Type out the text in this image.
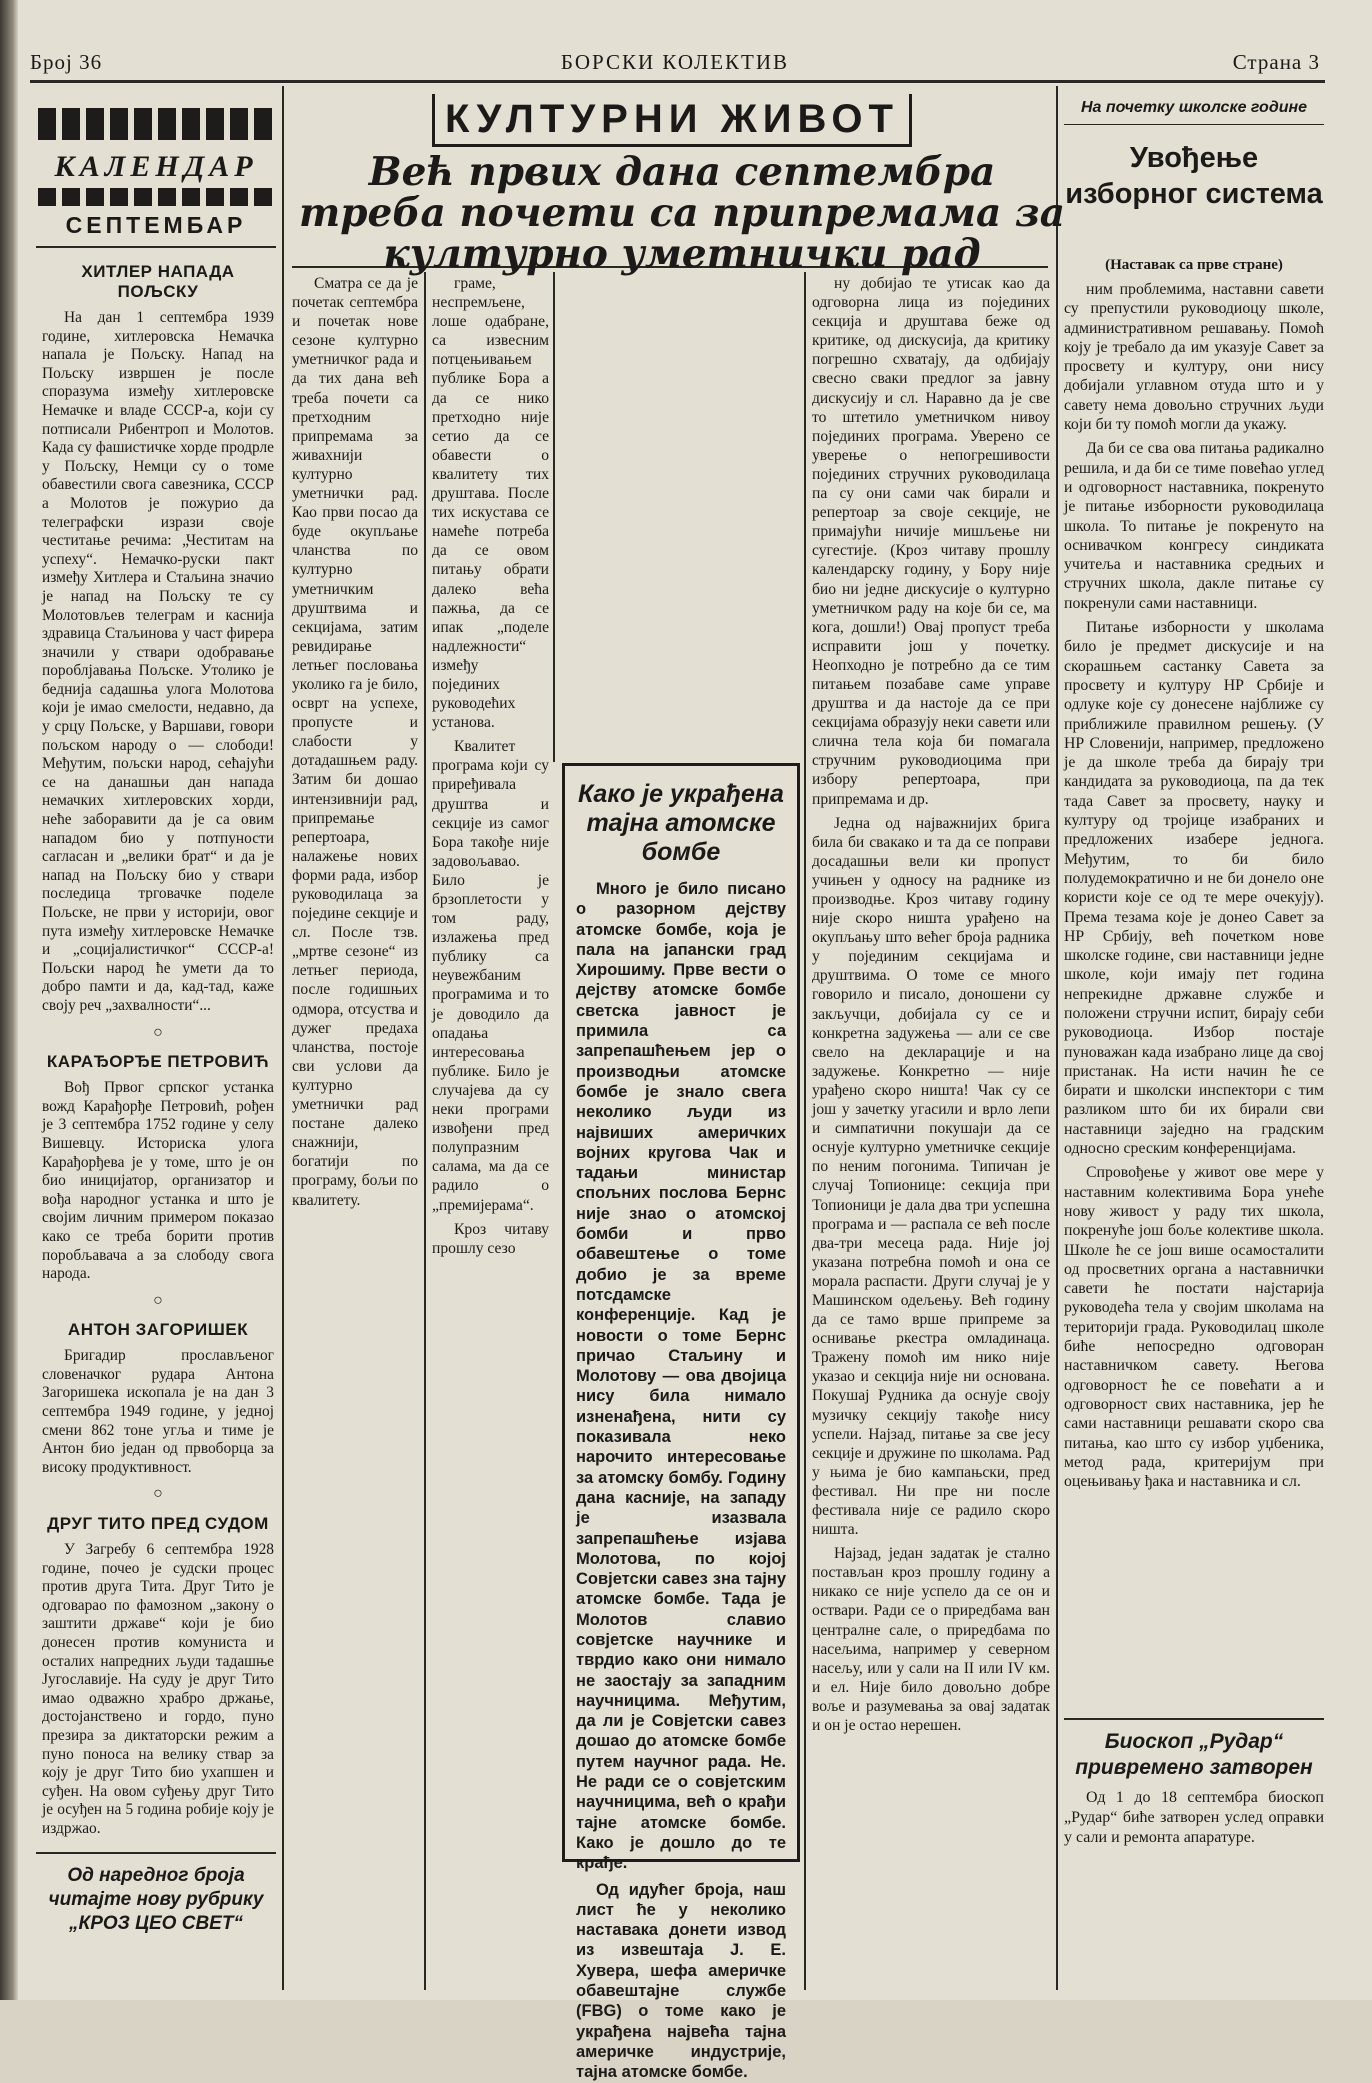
Број 36	БОРСКИ КОЛЕКТИВ	Страна 3
КАЛЕНДАР
СЕПТЕМБАР
ХИТЛЕР НАПАДА ПОЉСКУ

На дан 1 септембра 1939 године, хитлеровска Немачка напала је Пољску. Напад на Пољску извршен је после споразума између хитлеровске Немачке и владе СССР-а, који су потписали Рибентроп и Молотов. Када су фашистичке хорде продрле у Пољску, Немци су о томе обавестили свога савезника, СССР а Молотов је пожурио да телеграфски изрази своје честитање речима: „Честитам на успеху“. Немачко-руски пакт између Хитлера и Стаљина значио је напад на Пољску те су Молотовљев телеграм и каснија здравица Стаљинова у част фирера значили у ствари одобравање пороблјавања Пољске. Утолико је бедниja садашња улога Молотова који је имао смелости, недавно, да у срцу Пољске, у Варшави, говори пољском народу о — слободи! Међутим, пољски народ, сећајући се на данашњи дан напада немачких хитлеровских хорди, неће заборавити да је са овим нападом био у потпуности сагласан и „велики брат“ и да је напад на Пољску био у ствари последица трговачке поделе Пољске, не први у историји, овог пута између хитлеровске Немачке и „социјалистичког“ СССР-а! Пољски народ ће умети да то добро памти и да, кад-тад, каже своју реч „захвалности“...

○
КАРАЂОРЂЕ ПЕТРОВИЋ

Вођ Првог српског устанка вожд Карађорђе Петровић, рођен је 3 септембра 1752 године у селу Вишевцу. Историска улога Карађорђева је у томе, што је он био иницијатор, организатор и вођа народног устанка и што је својим личним примером показао како се треба борити против поробљавача а за слободу свога народа.

○
АНТОН ЗАГОРИШЕК

Бригадир прослављеног словеначког рудара Антона Загоришека ископала је на дан 3 септембра 1949 године, у једној смени 862 тоне угља и тиме је Антон био један од првоборца за високу продуктивност.

○
ДРУГ ТИТО ПРЕД СУДОМ

У Загребу 6 септембра 1928 године, почео је судски процес против друга Тита. Друг Тито је одговарао по фамозном „закону о заштити државе“ који је био донесен против комуниста и осталих напредних људи тадашње Југославије. На суду је друг Тито имао одважно храбро држање, достојанствено и гордо, пуно презира за диктаторски режим а пуно поноса на велику ствар за коју је друг Тито био ухапшен и суђен. На овом суђењу друг Тито је осуђен на 5 година робије коју је издржао.

Од наредног броја читајте нову рубрику „КРОЗ ЦЕО СВЕТ“
КУЛТУРНИ ЖИВОТ
Већ првих дана септембра треба почети са припремама за културно уметнички рад

Сматра се да је почетак септембра и почетак нове сезоне културно уметничког рада и да тих дана већ треба почети са претходним припремама за живахнији културно уметнички рад. Као први посао да буде окупљање чланства по културно уметничким друштвима и секцијама, затим ревидирање летњег пословања уколико га је било, осврт на успехе, пропусте и слабости у дотадашњем раду. Затим би дошао интензивнији рад, припремање репертоара, налажење нових форми рада, избор руководилаца за поједине секције и сл. После тзв. „мртве сезоне“ из летњег периода, после годишњих одмора, отсуства и дужег предаха чланства, постоје сви услови да културно уметнички рад постане далеко снажнији, богатији по програму, бољи по квалитету.

граме, неспремљене, лоше одабране, са извесним потцењивањем публике Бора а да се нико претходно није сетио да се обавести о квалитету тих друштава. После тих искустава се намеће потреба да се овом питању обрати далеко већа пажња, да се ипак „поделе надлежности“ између појединих руководећих установа.

Квалитет програма који су приређивала друштва и секције из самог Бора такође није задовољавао. Било је брзоплетости у том раду, излажења пред публику са неувежбаним програмима и то је доводило да опадања интересовања публике. Било је случајева да су неки програми извођени пред полупразним салама, ма да се радило о „премијерама“.

Кроз читаву прошлу сезо

ну добијао те утисак као да одговорна лица из појединих секција и друштава беже од критике, од дискусија, да критику погрешно схватају, да одбијају свесно сваки предлог за јавну дискусију и сл. Наравно да је све то штетило уметничком нивоу појединих програма. Уверено се уверење о непогрешивости појединих стручних руководилаца па су они сами чак бирали и репертоар за своје секције, не примајући ничије мишљење ни сугестије. (Кроз читаву прошлу календарску годину, у Бору није био ни једне дискусије о културно уметничком раду на које би се, ма кога, дошли!) Овај пропуст треба исправити још у почетку. Неопходно је потребно да се тим питањем позабаве саме управе друштва и да настоје да се при секцијама образују неки савети или слична тела која би помагала стручним руководиоцима при избору репертоара, при припремама и др.

Једна од најважнијих брига била би свакако и та да се поправи досадашњи вели ки пропуст учињен у односу на раднике из производње. Кроз читаву годину није скоро ништа урађено на окупљању што већег броја радника у појединим секцијама и друштвима. О томе се много говорило и писало, доношени су закључци, добијала су се и конкретна задужења — али се све свело на декларације и на задужење. Конкретно — није урађено скоро ништа! Чак су се још у зачетку угасили и врло лепи и симпатични покушаји да се оснује културно уметничке секције по неним погонима. Типичан је случај Топионице: секција при Топионици је дала два три успешна програма и — распала се већ после два-три месеца рада. Није јој указана потребна помоћ и она се морала распасти. Други случај је у Машинском одељењу. Већ годину да се тамо врше припреме за оснивање ркестра омладинаца. Тражену помоћ им нико није указао и секција није ни основана. Покушај Рудника да оснује своју музичку секцију такође нису успели. Најзад, питање за све јесу секције и дружине по школама. Рад у њима је био кампањски, пред фестивал. Ни пре ни после фестивала није се радило скоро ништа.

Најзад, један задатак је стално постављан кроз прошлу годину а никако се није успело да се он и оствари. Ради се о приредбама ван централне сале, о приредбама по насељима, например у северном насељу, или у сали на II или IV км. и ел. Није било довољно добре воље и разумевања за овај задатак и он је остао нерешен.

Како је украђена тајна атомске бомбе

Много је било писано о разорном дејству атомске бомбе, која је пала на јапански град Хирошиму. Прве вести о дејству атомске бомбе светска јавност је примила са запрепашћењем јер о производњи атомске бомбе је знало свега неколико људи из највиших америчких војних кругова Чак и тадањи министар спољних послова Бернс није знао о атомској бомби и прво обавештење о томе добио је за време потсдамске конференције. Кад је новости о томе Бернс причао Стаљину и Молотову — ова двојица нису била нимало изненађена, нити су показивала неко нарочито интересовање за атомску бомбу. Годину дана касније, на западу је изазвала запрепашћење изјава Молотова, по којој Совјетски савез зна тајну атомске бомбе. Тада је Молотов славио совјетске научнике и тврдио како они нимало не заостају за западним научницима. Међутим, да ли је Совјетски савез дошао до атомске бомбе путем научног рада. Не. Не ради се о совјетским научницима, већ о крађи тајне атомске бомбе. Како је дошло до те крађе.

Од идућег броја, наш лист ће у неколико наставака донети извод из извештаја Ј. Е. Хувера, шефа америчке обавештајне службе (FBG) о томе како је украђена највећа тајна америчке индустрије, тајна атомске бомбе.

На почетку школске године
Увођење изборног система
(Наставак са прве стране)

ним проблемима, наставни савети су препустили руководиоцу школе, административном решавању. Помоћ коју је требало да им указује Савет за просвету и културу, они нису добијали углавном отуда што и у савету нема довољно стручних људи који би ту помоћ могли да укажу.

Да би се сва ова питања радикално решила, и да би се тиме повећао углед и одговорност наставника, покренуто је питање изборности руководилаца школа. То питање је покренуто на оснивачком конгресу синдиката учитеља и наставника средњих и стручних школа, дакле питање су покренули сами наставници.

Питање изборности у школама било је предмет дискусије и на скорашњем састанку Савета за просвету и културу НР Србије и одлуке које су донесене најближе су приближиле правилном решењу. (У НР Словенији, например, предложено је да школе треба да бирају три кандидата за руководиоца, па да тек тада Савет за просвету, науку и културу од тројице изабраних и предложених изабере једнога. Међутим, то би било полудемократично и не би донело оне користи које се од те мере очекују). Према тезама које је донео Савет за НР Србију, већ почетком нове школске године, сви наставници једне школе, који имају пет година непрекидне државне службе и положени стручни испит, бирају себи руководиоца. Избор постаје пуноважан када изабрано лице да свој пристанак. На исти начин ће се бирати и школски инспектори с тим разликом што би их бирали сви наставници заједно на градским односно среским конференцијама.

Спровођење у живот ове мере у наставним колективима Бора унеће нову живост у раду тих школа, покренуће још боље колективе школа. Школе ће се још више осамосталити од просветних органа а наставнички савети ће постати најстарија руководећа тела у својим школама на територији града. Руководилац школе биће непосредно одговоран наставничком савету. Његова одговорност ће се повећати а и одговорност свих наставника, јер ће сами наставници решавати скоро сва питања, као што су избор уџбеника, метод рада, критеријум при оцењивању ђака и наставника и сл.

Биоскоп „Рудар“ привремено затворен

Од 1 до 18 септембра биоскоп „Рудар“ биће затворен услед оправки у сали и ремонта апаратуре.
